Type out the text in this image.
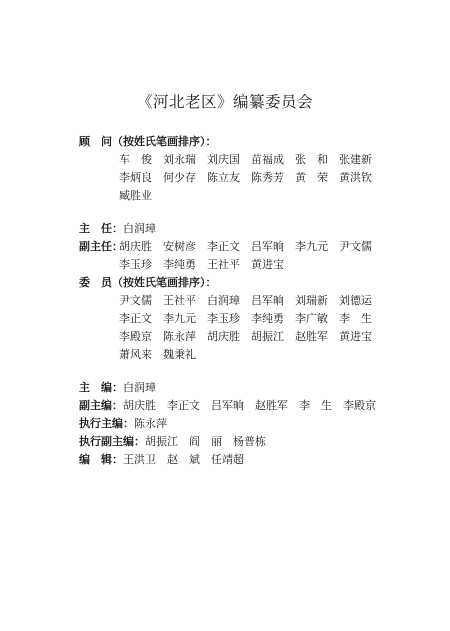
《河北老区》编纂委员会
顾　问（按姓氏笔画排序）：
车　俊　刘永瑞　刘庆国　苗福成　张　和　张建新
李炳良　何少存　陈立友　陈秀芳　黄　荣　黄洪钦
臧胜业
主　任：白润璋
副主任：
胡庆胜　安树彦　李正文　吕军晌　李九元　尹文儒
李玉珍　李纯勇　王社平　黄进宝
委　员（按姓氏笔画排序）：
尹文儒　王社平　白润璋　吕军晌　刘瑞新　刘德运
李正文　李九元　李玉珍　李纯勇　李广敏　李　生
李殿京　陈永萍　胡庆胜　胡振江　赵胜军　黄进宝
萧风来　魏秉礼
主　编：白润璋
副主编：胡庆胜　李正文　吕军晌　赵胜军　李　生　李殿京
执行主编：陈永萍
执行副主编：胡振江　阎　丽　杨普栋
编　辑：王洪卫　赵　斌　任靖超
